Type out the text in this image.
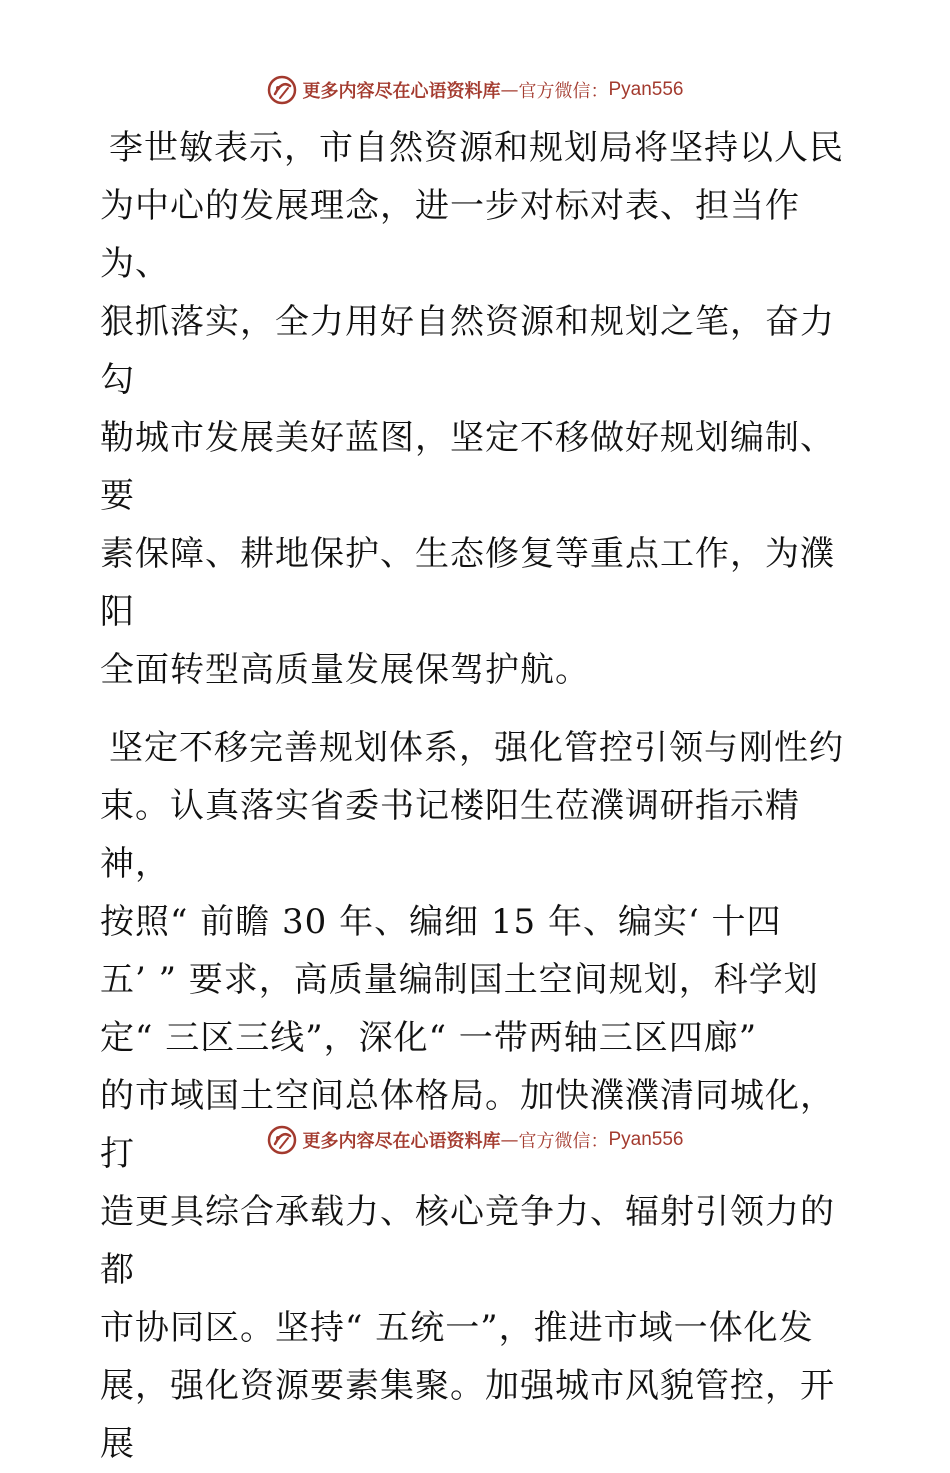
更多内容尽在心语资料库 — 官方微信： Pyan556

李世敏表示，市自然资源和规划局将坚持以人民
为中心的发展理念，进一步对标对表、担当作为、
狠抓落实，全力用好自然资源和规划之笔，奋力勾
勒城市发展美好蓝图，坚定不移做好规划编制、要
素保障、耕地保护、生态修复等重点工作，为濮阳
全面转型高质量发展保驾护航。

坚定不移完善规划体系，强化管控引领与刚性约
束。认真落实省委书记楼阳生莅濮调研指示精神，
按照“ 前瞻 30 年、编细 15 年、编实‘ 十四
五’ ” 要求，高质量编制国土空间规划，科学划
定“ 三区三线”，深化“ 一带两轴三区四廊”
的市域国土空间总体格局。加快濮濮清同城化，打
造更具综合承载力、核心竞争力、辐射引领力的都
市协同区。坚持“ 五统一”，推进市域一体化发
展，强化资源要素集聚。加强城市风貌管控，开展

更多内容尽在心语资料库 — 官方微信： Pyan556
